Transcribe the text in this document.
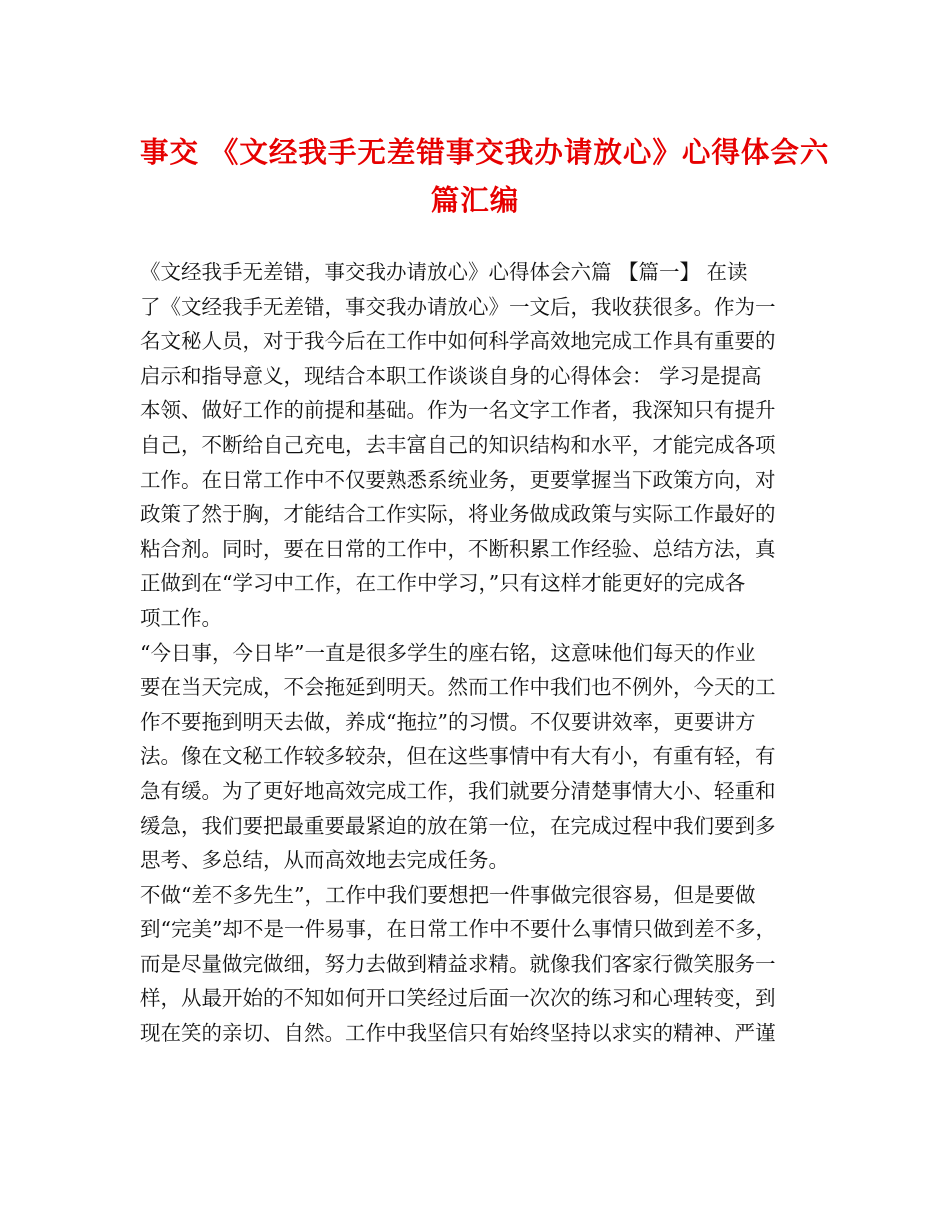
事交 《文经我手无差错事交我办请放心》心得体会六
篇汇编
《文经我手无差错，事交我办请放心》心得体会六篇 【篇一】 在读
了《文经我手无差错，事交我办请放心》一文后，我收获很多。作为一
名文秘人员，对于我今后在工作中如何科学高效地完成工作具有重要的
启示和指导意义，现结合本职工作谈谈自身的心得体会： 学习是提高
本领、做好工作的前提和基础。作为一名文字工作者，我深知只有提升
自己，不断给自己充电，去丰富自己的知识结构和水平，才能完成各项
工作。在日常工作中不仅要熟悉系统业务，更要掌握当下政策方向，对
政策了然于胸，才能结合工作实际，将业务做成政策与实际工作最好的
粘合剂。同时，要在日常的工作中，不断积累工作经验、总结方法，真
正做到在“学习中工作，在工作中学习，”只有这样才能更好的完成各
项工作。
“今日事，今日毕”一直是很多学生的座右铭，这意味他们每天的作业
要在当天完成，不会拖延到明天。然而工作中我们也不例外，今天的工
作不要拖到明天去做，养成“拖拉”的习惯。不仅要讲效率，更要讲方
法。像在文秘工作较多较杂，但在这些事情中有大有小，有重有轻，有
急有缓。为了更好地高效完成工作，我们就要分清楚事情大小、轻重和
缓急，我们要把最重要最紧迫的放在第一位，在完成过程中我们要到多
思考、多总结，从而高效地去完成任务。
不做“差不多先生”，工作中我们要想把一件事做完很容易，但是要做
到“完美”却不是一件易事，在日常工作中不要什么事情只做到差不多，
而是尽量做完做细，努力去做到精益求精。就像我们客家行微笑服务一
样，从最开始的不知如何开口笑经过后面一次次的练习和心理转变，到
现在笑的亲切、自然。工作中我坚信只有始终坚持以求实的精神、严谨
